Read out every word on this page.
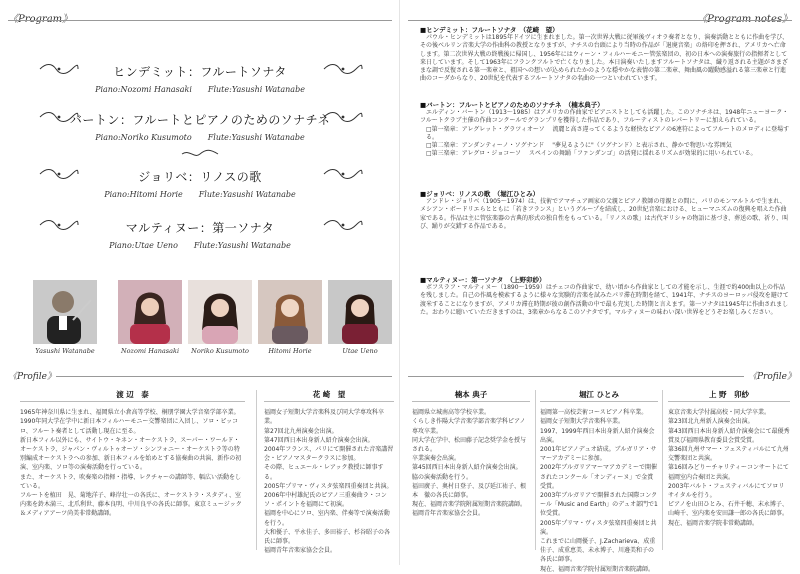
ヒンデミット：フルートソナタ
Piano:Nozomi Hanasaki　　Flute:Yasushi Watanabe
バートン：フルートとピアノのためのソナチネ
Piano:Noriko Kusumoto　　Flute:Yasushi Watanabe
ジョリベ：リノスの歌
Piano:Hitomi Horie　　Flute:Yasushi Watanabe
マルティヌー：第一ソナタ
Piano:Utae Ueno　　Flute:Yasushi Watanabe
Yasushi Watanabe	Nozomi Hanasaki	Noriko Kusumoto	Hitomi Horie	Utae Ueno
《Profile》
■ヒンデミット：フルートソナタ　（花崎　望）
パウル・ヒンデミットは1895年ドイツに生まれました。第一次世界大戦に従軍後ヴィオラ奏者となり、演奏活動とともに作曲を学び、その後ベルリン音楽大学の作曲科の教授となりますが、ナチスの台頭により当時の作品が「退廃音楽」の烙印を押され、アメリカへ亡命します。第二次世界大戦の終戦後に帰国し、1956年にはウィーン・フィルハーモニー管弦楽団の、初の日本への演奏旅行の指揮者として来日しています。そして1963年にフランクフルトで亡くなりました。本日演奏いたしますフルートソナタは、繊り返される主題がさまざまな調で反復される第一楽章と、祖国への想いが込められたかのような穏やかな表情の第二楽章、舞曲風の躍動感溢れる第三楽章と行進曲のコーダからなり、20世紀を代表するフルートソナタの名曲の一つといわれています。
■バートン：フルートとピアノのためのソナチネ　（楠本典子）
エルディン・バートン（1913～1985）はアメリカの作曲家でピアニストとしても活躍した。このソナチネは、1948年ニューヨーク・フルートクラブ主催の作曲コンクールでグランプリを獲得した作品であり、フルーティストのレパートリーに加えられている。
□第一楽章：アレグレット・グラツィオーソ　 流麗と高さ違ってくるような軽快なピアノの6連符によってフルートのメロディに登場する。
□第二楽章：アンダンティーノ・ソグナンド　 "夢見るように"（ソグナンド）と表示され、静かで物思いな雰囲気
□第三楽章：アレグロ・ジョコーソ　 スペインの舞踊「ファンダンゴ」の活発に揺れるリズムが効果的に用いられている。
■ジョリベ：リノスの歌　（堀江ひとみ）
アンドレ・ジョリベ（1905～1974）は、技術でアマチュア画家の父親とピアノ教師の母親との間に、パリのモンマルトルで生まれ、メシアン・ボードリエらとともに「若きフランス」というグループを結成し、20世紀音楽における、ヒューマニズムの復興を唱えた作曲家である。作品は主に管弦楽器の古典的形式の独自性をもっている。「リノスの歌」は古代ギリシャの物語に基づき、葬送の歌、祈り、叫び、踊りが交錯する作品である。
■マルティヌー：第一ソナタ　（上野卯紗）
ボフスラフ・マルティヌー（1890～1959）はチェコの作曲家で、幼い頃から作曲家としての才能を示し、生涯で約400曲以上の作品を残しました。自己の作風を模索するように様々な実験的音楽を試みたパリ滞在時期を経て、1941年、ナチスのヨーロッパ侵攻を避けて渡米することになりますが、アメリカ滞在時期が彼の創作活動の中で最も充実した時期と言えます。第一ソナタは1945年に作曲されました。おわりに聴いていただきますのは、3楽章からなるこのソナタです。マルティヌーの味わい深い世界をどうぞお楽しみください。
《Profile》
渡 辺　泰

1965年神奈川県に生まれ、福岡県立小倉高等学校、桐朋学園大学音楽学部卒業。

1990年同大学在学中に新日本フィルハーモニー交響楽団に入団し、ソロ・ピッコロ、フルート奏者として活動し現在に至る。

新日本フィル以外にも、サイトウ・キネン・オーケストラ、スーパー・ワールド・オーケストラ、ジャパン・ヴィルトゥオーソ・シンフォニー・オーケストラ等の特別編成オーケストラへの参加、新日本フィルを始めとする協奏曲の共演、新作の初演、室内楽、ソロ等の演奏活動を行っている。

また、オーケストラ、吹奏楽の指揮・指導、レクチャーの講師等、幅広い活動をしている。

フルートを植田　晃、菊地洋子、峰岸壮一の各氏に、オーケストラ・スタディ、室内楽を鈴木満三、北爪利世、藤本良明、中川良平の各氏に師事。東京ミュージック＆メディアアーツ尚美非常勤講師。

花 崎　望

福岡女子短期大学音楽科及び同大学専攻科卒業。

第27回北九州演奏会出演。

第47回西日本出身新人紹介演奏会出演。

2004年フランス、パリにて開催された音楽講習会・ピアノマスタークラスに参加。

その際、ヒュエール・レアック教授に師事する。

2005年プリマ・ヴィスタ弦楽四重奏団と共演。

2006年中村雄紀氏のピアノ三重奏曲ラ・コンソ・ポイントを福岡にて初演。

福岡を中心にソロ、室内楽、伴奏等で演奏活動を行う。

大和優子、平永佳子、多田裕子、杉谷昭子の各氏に師事。

福岡青年音楽家協会会員。

楠本 典子

福岡県立城南高等学校卒業。

くらしき作陽大学音楽学部音楽学科ピアノ専攻卒業。

同大学在学中、松田藤子記念奨学金を授与される。

卒業演奏会出演。

第45回西日本出身新人紹介演奏会出演。

脇の演奏活動を行う。

福田廣子、奥村日登子、及び延江祐子、根本　徹の各氏に師事。

現在、福岡音楽学院附属短期音楽院講師。

福岡青年音楽家協会会員。

堀江 ひとみ

福岡第一高校芸術コースピアノ科卒業。

福岡女子短期大学音楽科卒業。

1997、1999年西日本出身新人紹介演奏会出演。

2001年ピアノデュオ結成。ブルガリア・サマーアカデミーに参加。

2002年ブルガリアマーマアカデミーで開催されたコンクール「オンディーヌ」で金賞受賞。

2003年ブルガリアで開催された国際コンクール「Music and Earth」のデュオ部門で1位受賞。

2005年プリマ・ヴィスタ弦楽四重奏団と共演。

これまでに山岡優子、J.Zacharieva、成重佳子、成重恵美、未永博子、川邊美和子の各氏に師事。

現在、福岡音楽学院付属短期音楽院講師。

上 野　卯紗

東京音楽大学付属高校・同大学卒業。

第23回北九州新人演奏会出演。

第43回西日本出身新人紹介演奏会にて最優秀賞及び福岡県教育委員会賞受賞。

第36回九州サマー・フェスティバルにて九州交響楽団と共演。

第16回みどりーチャリティーコンサートにて福岡室内合奏団と共演。

2003年バルト・フェスティバルにてソロリサイタルを行う。

ピアノを山田ひとみ、石井千穂、末永博子、山崎千、室内楽を安田謙一郎の各氏に師事。

現在、福岡音楽学院非常勤講師。
